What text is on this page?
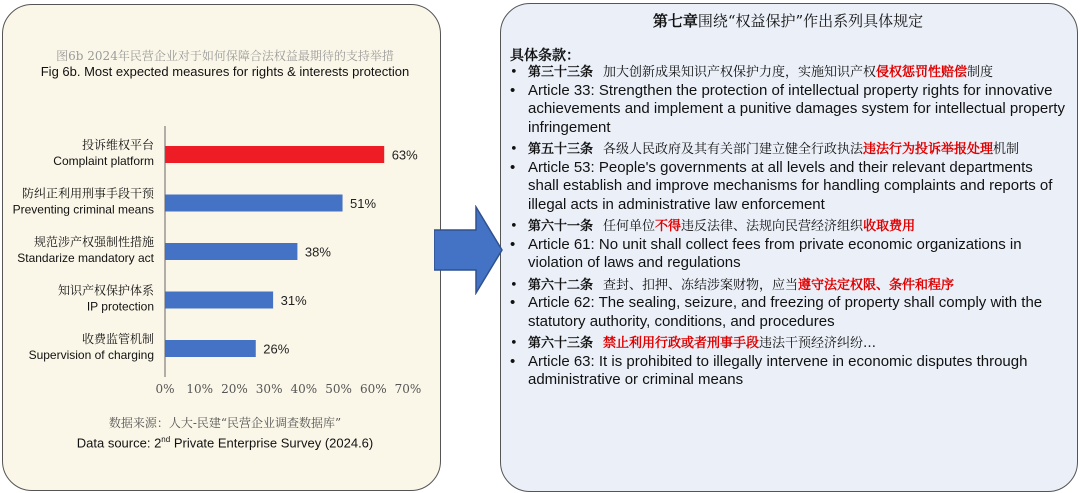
图6b 2024年民营企业对于如何保障合法权益最期待的支持举措
Fig 6b. Most expected measures for rights & interests protection
63%
投诉维权平台
Complaint platform
51%
防纠正利用刑事手段干预
Preventing criminal means
38%
规范涉产权强制性措施
Standarize mandatory act
31%
知识产权保护体系
IP protection
26%
收费监管机制
Supervision of charging
0% 10% 20% 30% 40% 50% 60% 70%
数据来源：人大-民建“民营企业调查数据库”
Data source: 2nd Private Enterprise Survey (2024.6)
第七章围绕“权益保护”作出系列具体规定
具体条款：
• 第三十三条 加大创新成果知识产权保护力度，实施知识产权侵权惩罚性赔偿制度
• Article 33: Strengthen the protection of intellectual property rights for innovative achievements and implement a punitive damages system for intellectual property infringement
• 第五十三条 各级人民政府及其有关部门建立健全行政执法违法行为投诉举报处理机制
• Article 53: People's governments at all levels and their relevant departments shall establish and improve mechanisms for handling complaints and reports of illegal acts in administrative law enforcement
• 第六十一条 任何单位不得违反法律、法规向民营经济组织收取费用
• Article 61: No unit shall collect fees from private economic organizations in violation of laws and regulations
• 第六十二条 查封、扣押、冻结涉案财物，应当遵守法定权限、条件和程序
• Article 62: The sealing, seizure, and freezing of property shall comply with the statutory authority, conditions, and procedures
• 第六十三条 禁止利用行政或者刑事手段违法干预经济纠纷…
• Article 63: It is prohibited to illegally intervene in economic disputes through administrative or criminal means
